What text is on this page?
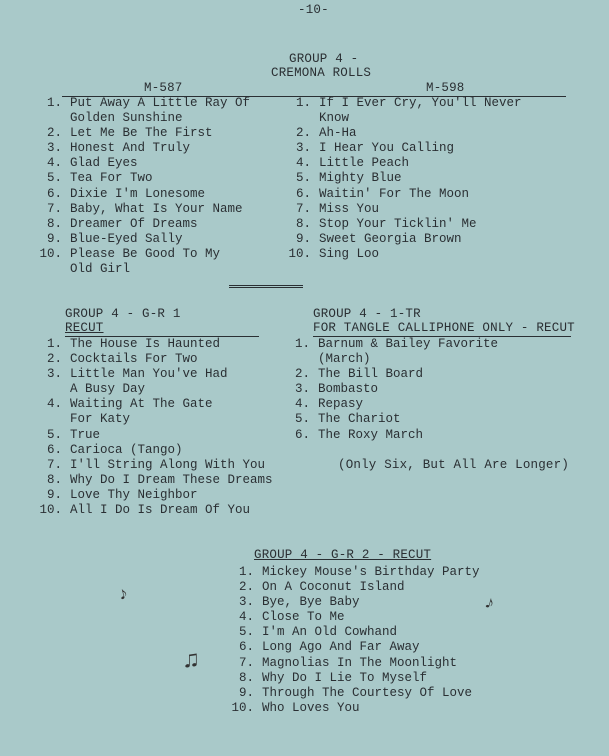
-10-
GROUP 4 -
CREMONA ROLLS
M-587	M-598
1. Put Away A Little Ray Of
Golden Sunshine
2. Let Me Be The First
3. Honest And Truly
4. Glad Eyes
5. Tea For Two
6. Dixie I'm Lonesome
7. Baby, What Is Your Name
8. Dreamer Of Dreams
9. Blue-Eyed Sally
10. Please Be Good To My
Old Girl
1. If I Ever Cry, You'll Never
Know
2. Ah-Ha
3. I Hear You Calling
4. Little Peach
5. Mighty Blue
6. Waitin' For The Moon
7. Miss You
8. Stop Your Ticklin' Me
9. Sweet Georgia Brown
10. Sing Loo
GROUP 4 - G-R 1
RECUT
1. The House Is Haunted
2. Cocktails For Two
3. Little Man You've Had
A Busy Day
4. Waiting At The Gate
For Katy
5. True
6. Carioca (Tango)
7. I'll String Along With You
8. Why Do I Dream These Dreams
9. Love Thy Neighbor
10. All I Do Is Dream Of You
GROUP 4 - 1-TR
FOR TANGLE CALLIPHONE ONLY - RECUT
1. Barnum & Bailey Favorite
(March)
2. The Bill Board
3. Bombasto
4. Repasy
5. The Chariot
6. The Roxy March
(Only Six, But All Are Longer)
GROUP 4 - G-R 2 - RECUT
1. Mickey Mouse's Birthday Party
2. On A Coconut Island
3. Bye, Bye Baby
4. Close To Me
5. I'm An Old Cowhand
6. Long Ago And Far Away
7. Magnolias In The Moonlight
8. Why Do I Lie To Myself
9. Through The Courtesy Of Love
10. Who Loves You
♪
♫
♪
